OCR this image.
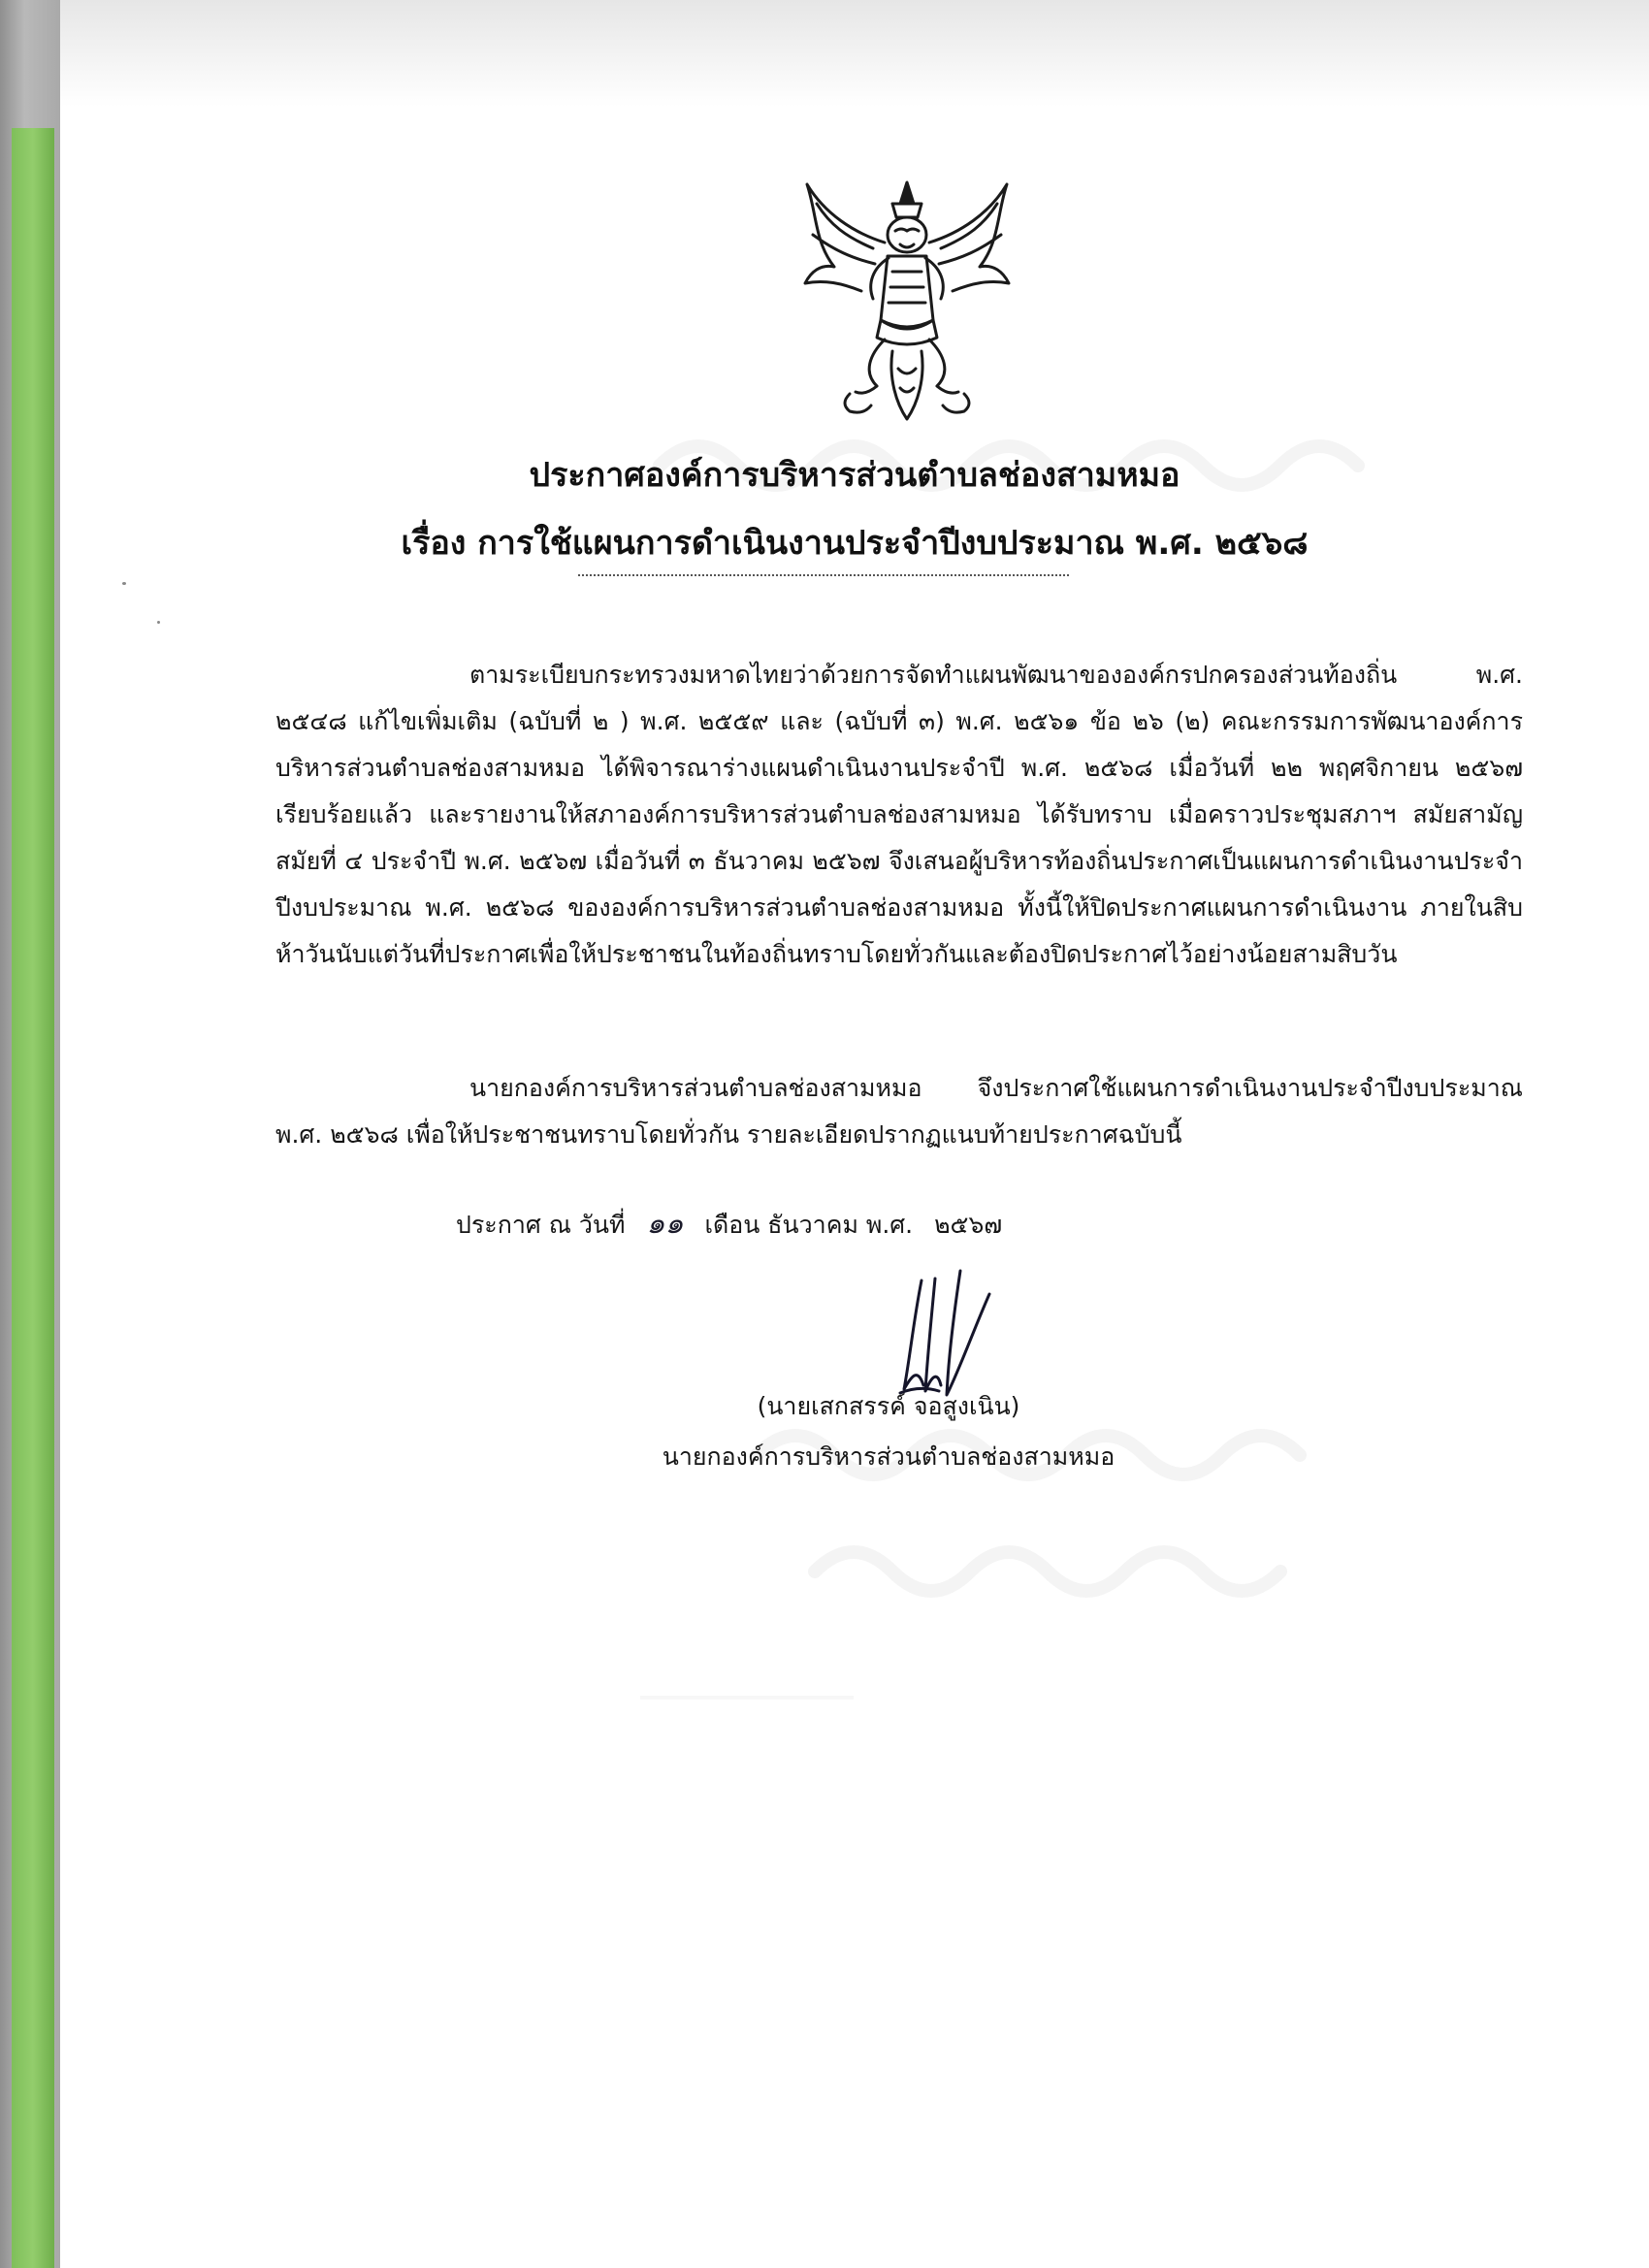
ประกาศองค์การบริหารส่วนตำบลช่องสามหมอ
เรื่อง การใช้แผนการดำเนินงานประจำปีงบประมาณ พ.ศ. ๒๕๖๘

ตามระเบียบกระทรวงมหาดไทยว่าด้วยการจัดทำแผนพัฒนาขององค์กรปกครองส่วนท้องถิ่น พ.ศ. ๒๕๔๘ แก้ไขเพิ่มเติม (ฉบับที่ ๒ ) พ.ศ. ๒๕๕๙ และ (ฉบับที่ ๓) พ.ศ. ๒๕๖๑ ข้อ ๒๖ (๒) คณะกรรมการพัฒนาองค์การบริหารส่วนตำบลช่องสามหมอ ได้พิจารณาร่างแผนดำเนินงานประจำปี พ.ศ. ๒๕๖๘ เมื่อวันที่ ๒๒ พฤศจิกายน ๒๕๖๗ เรียบร้อยแล้ว และรายงานให้สภาองค์การบริหารส่วนตำบลช่องสามหมอ ได้รับทราบ เมื่อคราวประชุมสภาฯ สมัยสามัญ สมัยที่ ๔ ประจำปี พ.ศ. ๒๕๖๗ เมื่อวันที่ ๓ ธันวาคม ๒๕๖๗ จึงเสนอผู้บริหารท้องถิ่นประกาศเป็นแผนการดำเนินงานประจำปีงบประมาณ พ.ศ. ๒๕๖๘ ขององค์การบริหารส่วนตำบลช่องสามหมอ ทั้งนี้ให้ปิดประกาศแผนการดำเนินงาน ภายในสิบห้าวันนับแต่วันที่ประกาศเพื่อให้ประชาชนในท้องถิ่นทราบโดยทั่วกันและต้องปิดประกาศไว้อย่างน้อยสามสิบวัน

นายกองค์การบริหารส่วนตำบลช่องสามหมอ จึงประกาศใช้แผนการดำเนินงานประจำปีงบประมาณ พ.ศ. ๒๕๖๘ เพื่อให้ประชาชนทราบโดยทั่วกัน รายละเอียดปรากฏแนบท้ายประกาศฉบับนี้

ประกาศ ณ วันที่ ๑๑ เดือน ธันวาคม พ.ศ. ๒๕๖๗
(นายเสกสรรค์ จอสูงเนิน)
นายกองค์การบริหารส่วนตำบลช่องสามหมอ
